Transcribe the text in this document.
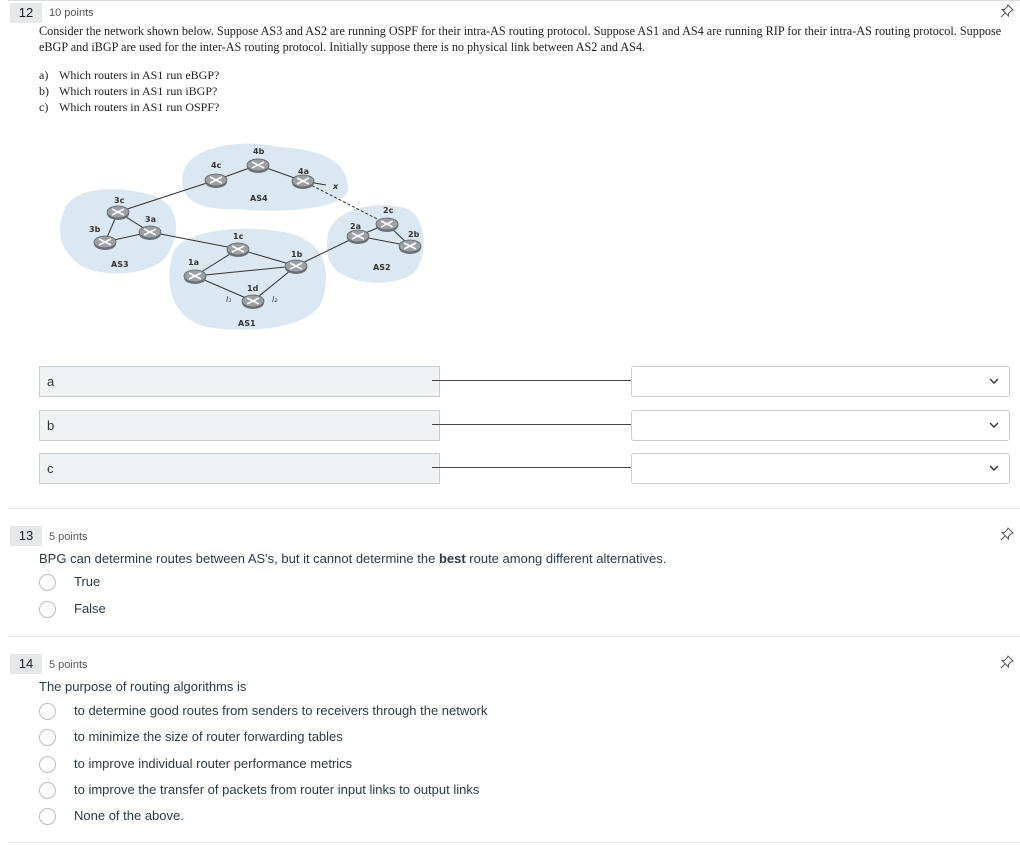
12	10 points
Consider the network shown below. Suppose AS3 and AS2 are running OSPF for their intra-AS routing protocol. Suppose AS1 and AS4 are running RIP for their intra-AS routing protocol. Suppose eBGP and iBGP are used for the inter-AS routing protocol. Initially suppose there is no physical link between AS2 and AS4.
a) Which routers in AS1 run eBGP?
b) Which routers in AS1 run iBGP?
c) Which routers in AS1 run OSPF?
4b
4c
4a
AS4
x
3c
3a
3b
AS3
1c
1a
1b
1d
l₁	l₂
AS1
2a
2c
2b
AS2
a
b
c
13	5 points
BPG can determine routes between AS's, but it cannot determine the best route among different alternatives.
True
False
14	5 points
The purpose of routing algorithms is
to determine good routes from senders to receivers through the network
to minimize the size of router forwarding tables
to improve individual router performance metrics
to improve the transfer of packets from router input links to output links
None of the above.
